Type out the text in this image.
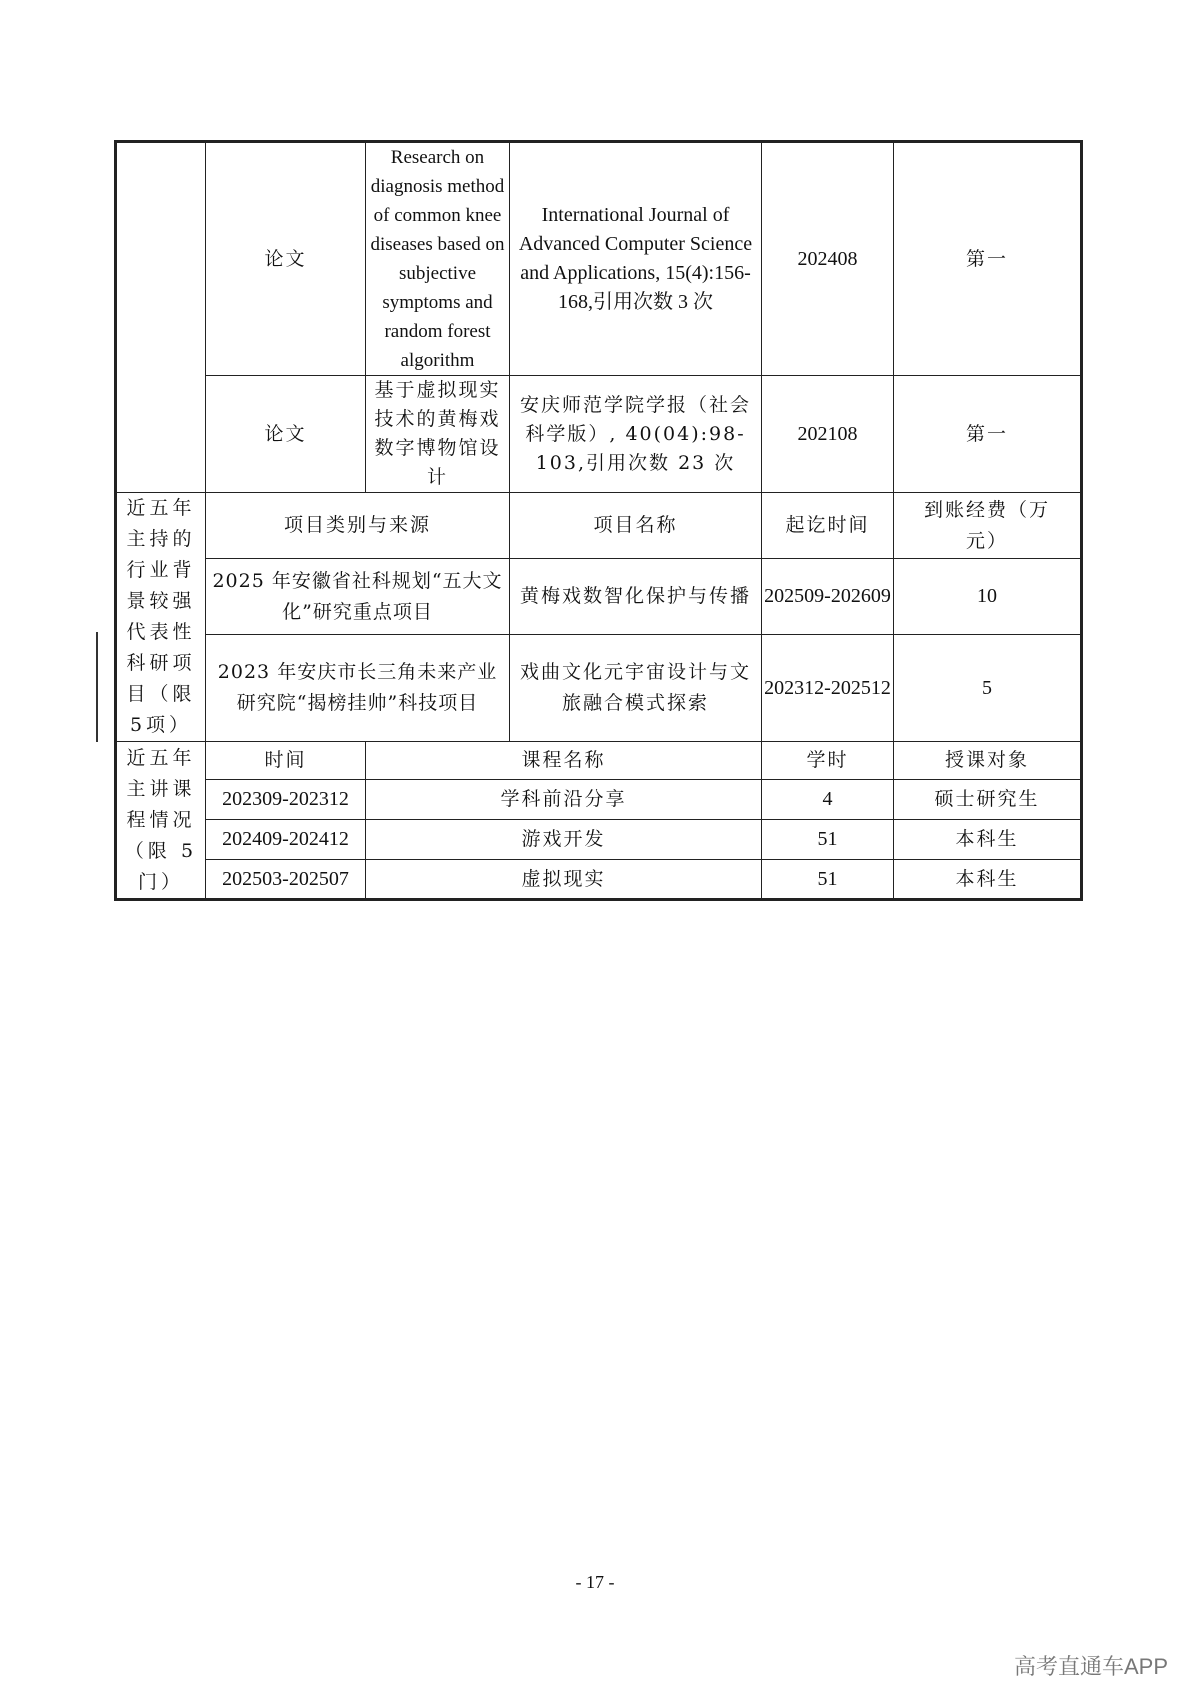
	论文	Research on diagnosis method of common knee diseases based on subjective symptoms and random forest algorithm	International Journal of Advanced Computer Science and Applications, 15(4):156-168,引用次数 3 次	202408	第一
	论文	基于虚拟现实技术的黄梅戏数字博物馆设计	安庆师范学院学报（社会科学版）, 40(04):98-103,引用次数 23 次	202108	第一
近五年主持的行业背景较强代表性科研项目（限5项）	项目类别与来源		项目名称	起讫时间	到账经费（万元）
	2025 年安徽省社科规划“五大文化”研究重点项目		黄梅戏数智化保护与传播	202509-202609	10
	2023 年安庆市长三角未来产业研究院“揭榜挂帅”科技项目		戏曲文化元宇宙设计与文旅融合模式探索	202312-202512	5
近五年主讲课程情况（限 5 门）	时间	课程名称		学时	授课对象
	202309-202312	学科前沿分享		4	硕士研究生
	202409-202412	游戏开发		51	本科生
	202503-202507	虚拟现实		51	本科生
- 17 -
高考直通车APP
